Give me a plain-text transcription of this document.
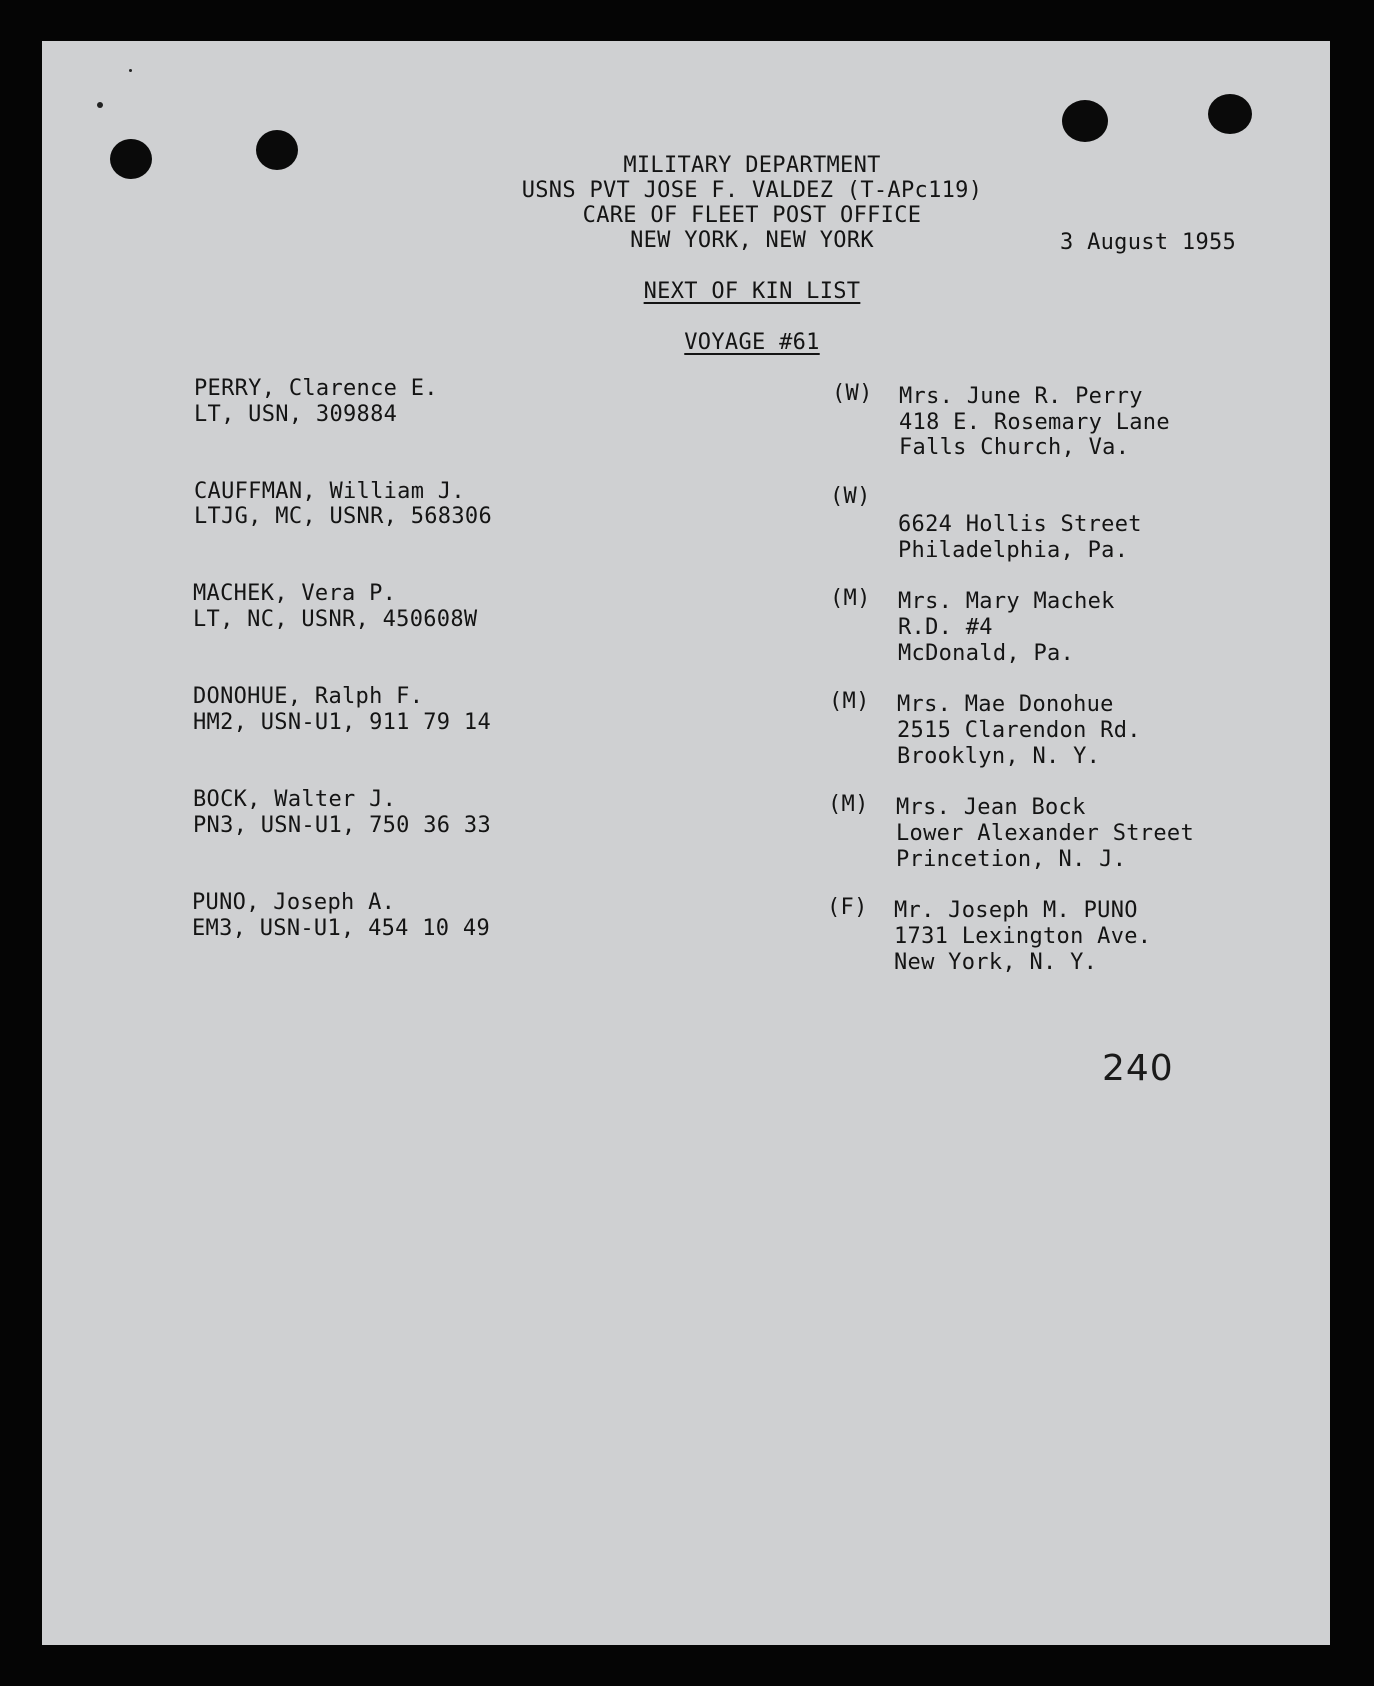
MILITARY DEPARTMENT
USNS PVT JOSE F. VALDEZ (T-APc119)
CARE OF FLEET POST OFFICE
NEW YORK, NEW YORK	3 August 1955
NEXT OF KIN LIST
VOYAGE #61
PERRY, Clarence E.
LT, USN, 309884
(W) Mrs. June R. Perry
418 E. Rosemary Lane
Falls Church, Va.
CAUFFMAN, William J.
LTJG, MC, USNR, 568306
(W)
6624 Hollis Street
Philadelphia, Pa.
MACHEK, Vera P.
LT, NC, USNR, 450608W
(M) Mrs. Mary Machek
R.D. #4
McDonald, Pa.
DONOHUE, Ralph F.
HM2, USN-U1, 911 79 14
(M) Mrs. Mae Donohue
2515 Clarendon Rd.
Brooklyn, N. Y.
BOCK, Walter J.
PN3, USN-U1, 750 36 33
(M) Mrs. Jean Bock
Lower Alexander Street
Princetion, N. J.
PUNO, Joseph A.
EM3, USN-U1, 454 10 49
(F) Mr. Joseph M. PUNO
1731 Lexington Ave.
New York, N. Y.
240
